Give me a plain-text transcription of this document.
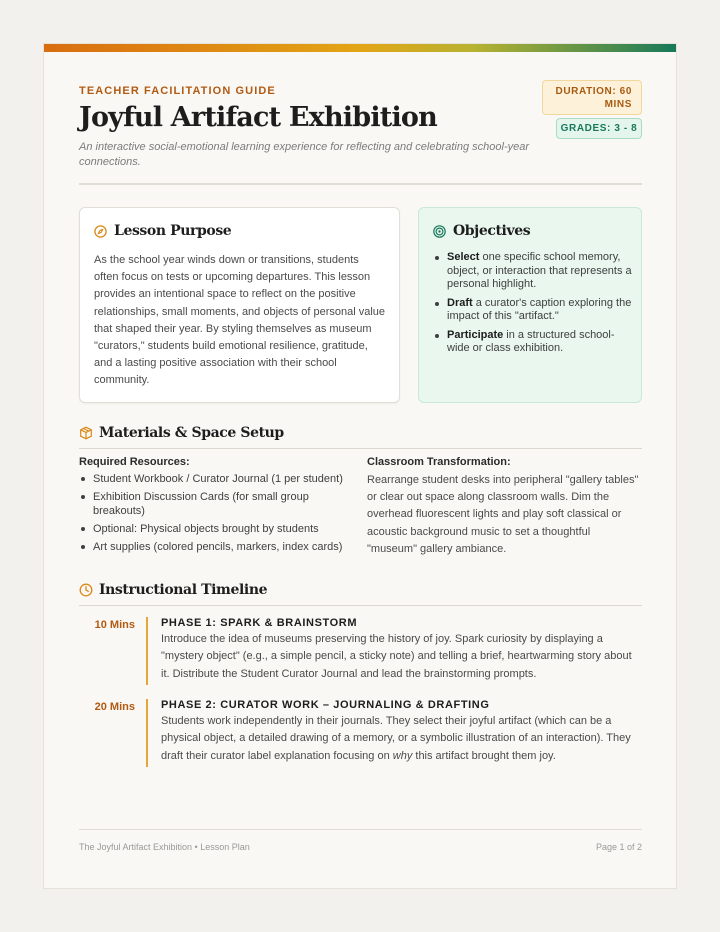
TEACHER FACILITATION GUIDE
Joyful Artifact Exhibition
An interactive social-emotional learning experience for reflecting and celebrating school-year connections.
DURATION: 60
MINS
GRADES: 3 - 8
Lesson Purpose
As the school year winds down or transitions, students often focus on tests or upcoming departures. This lesson provides an intentional space to reflect on the positive relationships, small moments, and objects of personal value that shaped their year. By styling themselves as museum "curators," students build emotional resilience, gratitude, and a lasting positive association with their school community.
Objectives
Select one specific school memory, object, or interaction that represents a personal highlight.
Draft a curator's caption exploring the impact of this "artifact."
Participate in a structured school-wide or class exhibition.
Materials & Space Setup
Required Resources:
Student Workbook / Curator Journal (1 per student)
Exhibition Discussion Cards (for small group breakouts)
Optional: Physical objects brought by students
Art supplies (colored pencils, markers, index cards)
Classroom Transformation:
Rearrange student desks into peripheral "gallery tables" or clear out space along classroom walls. Dim the overhead fluorescent lights and play soft classical or acoustic background music to set a thoughtful "museum" gallery ambiance.
Instructional Timeline
10 Mins PHASE 1: SPARK & BRAINSTORM
Introduce the idea of museums preserving the history of joy. Spark curiosity by displaying a "mystery object" (e.g., a simple pencil, a sticky note) and telling a brief, heartwarming story about it. Distribute the Student Curator Journal and lead the brainstorming prompts.
20 Mins PHASE 2: CURATOR WORK – JOURNALING & DRAFTING
Students work independently in their journals. They select their joyful artifact (which can be a physical object, a detailed drawing of a memory, or a symbolic illustration of an interaction). They draft their curator label explanation focusing on why this artifact brought them joy.
The Joyful Artifact Exhibition • Lesson Plan	Page 1 of 2
